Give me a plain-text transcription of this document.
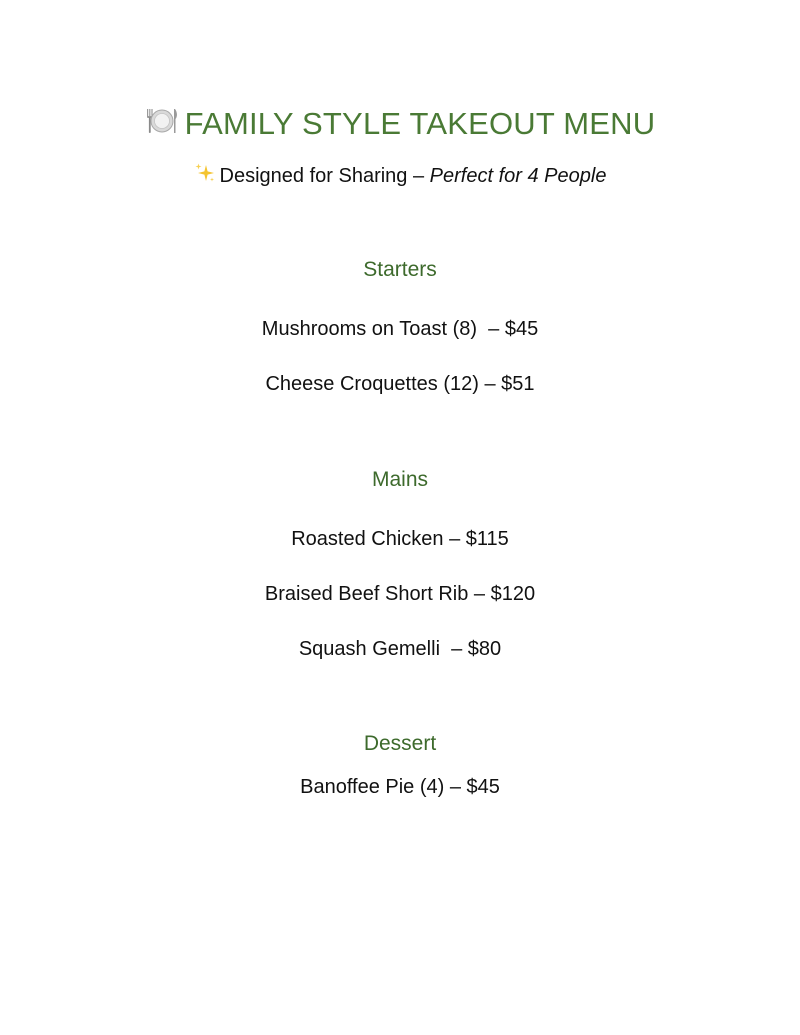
FAMILY STYLE TAKEOUT MENU
Designed for Sharing – Perfect for 4 People
Starters
Mushrooms on Toast (8)  – $45
Cheese Croquettes (12) – $51
Mains
Roasted Chicken – $115
Braised Beef Short Rib – $120
Squash Gemelli  – $80
Dessert
Banoffee Pie (4) – $45
